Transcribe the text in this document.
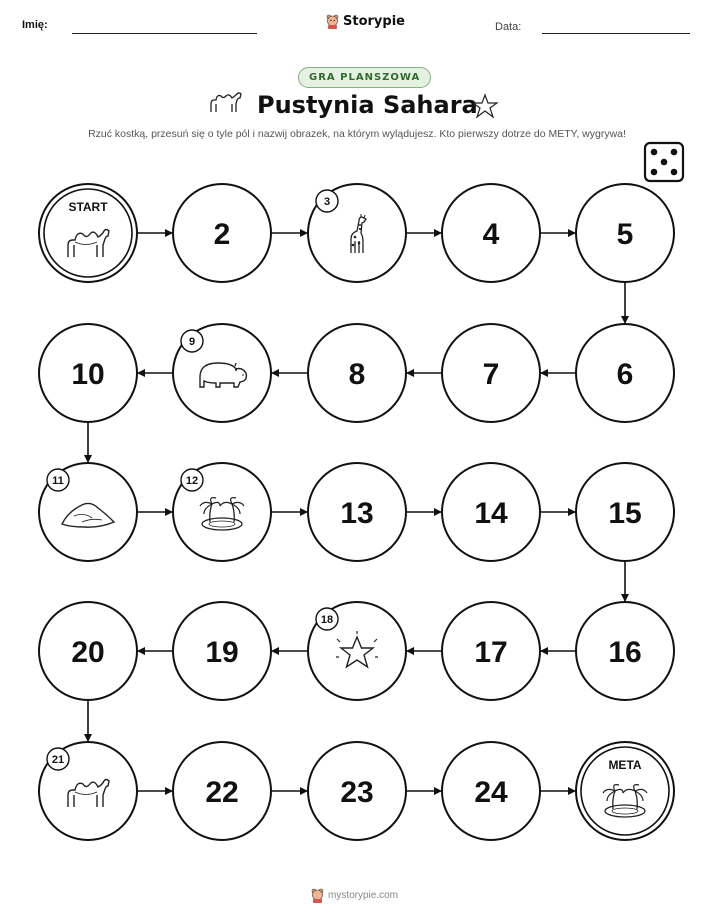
Imię:	Storypie	Data:
GRA PLANSZOWA
Pustynia Sahara
Rzuć kostką, przesuń się o tyle pól i nazwij obrazek, na którym wylądujesz. Kto pierwszy dotrze do METY, wygrywa!
START
2
3
4	5
6
7
8
9
10
11	12
13	14	15
16
17
18
19
20
21
22	23	24
META
mystorypie.com
